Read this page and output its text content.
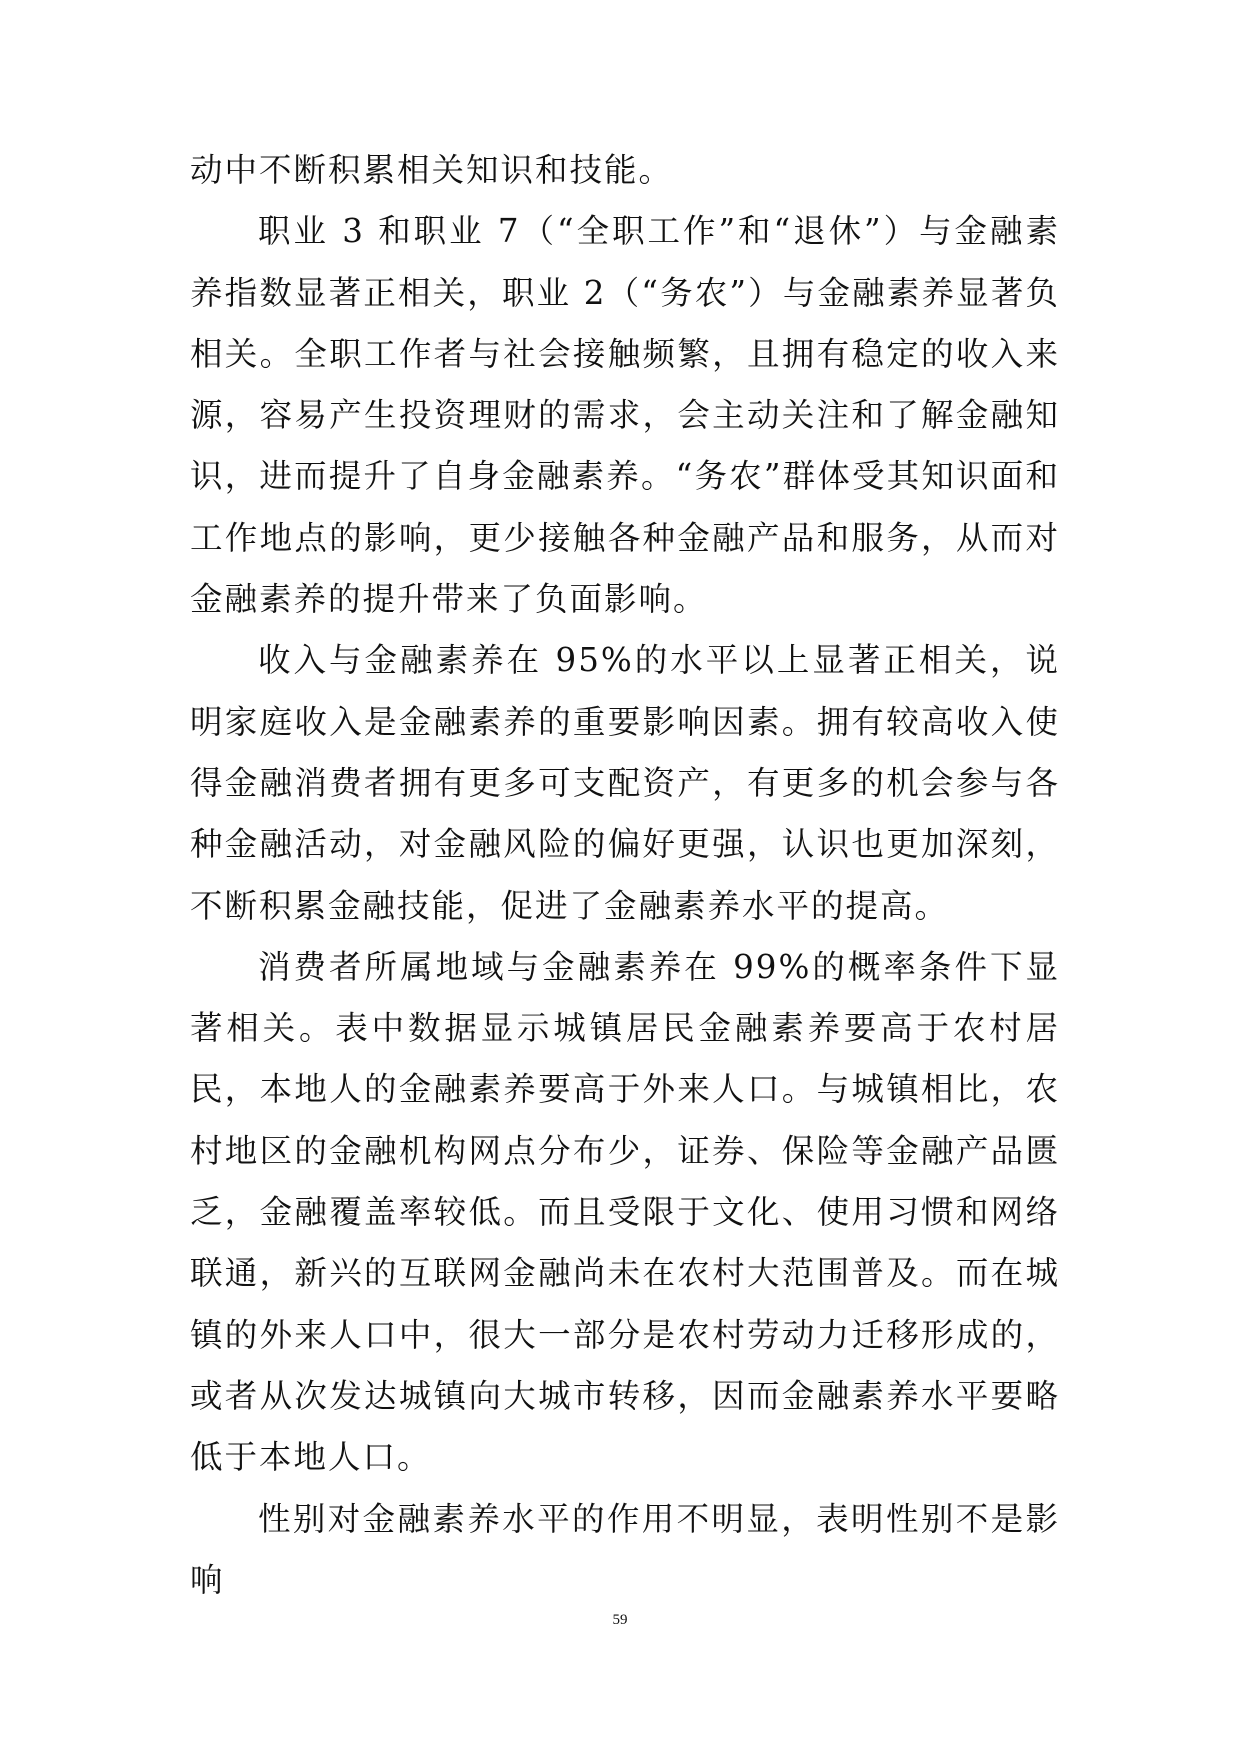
动中不断积累相关知识和技能。

职业 3 和职业 7（“全职工作”和“退休”）与金融素养指数显著正相关，职业 2（“务农”）与金融素养显著负相关。全职工作者与社会接触频繁，且拥有稳定的收入来源，容易产生投资理财的需求，会主动关注和了解金融知识，进而提升了自身金融素养。“务农”群体受其知识面和工作地点的影响，更少接触各种金融产品和服务，从而对金融素养的提升带来了负面影响。

收入与金融素养在 95%的水平以上显著正相关，说明家庭收入是金融素养的重要影响因素。拥有较高收入使得金融消费者拥有更多可支配资产，有更多的机会参与各种金融活动，对金融风险的偏好更强，认识也更加深刻，不断积累金融技能，促进了金融素养水平的提高。

消费者所属地域与金融素养在 99%的概率条件下显著相关。表中数据显示城镇居民金融素养要高于农村居民，本地人的金融素养要高于外来人口。与城镇相比，农村地区的金融机构网点分布少，证券、保险等金融产品匮乏，金融覆盖率较低。而且受限于文化、使用习惯和网络联通，新兴的互联网金融尚未在农村大范围普及。而在城镇的外来人口中，很大一部分是农村劳动力迁移形成的，或者从次发达城镇向大城市转移，因而金融素养水平要略低于本地人口。

性别对金融素养水平的作用不明显，表明性别不是影响

59
